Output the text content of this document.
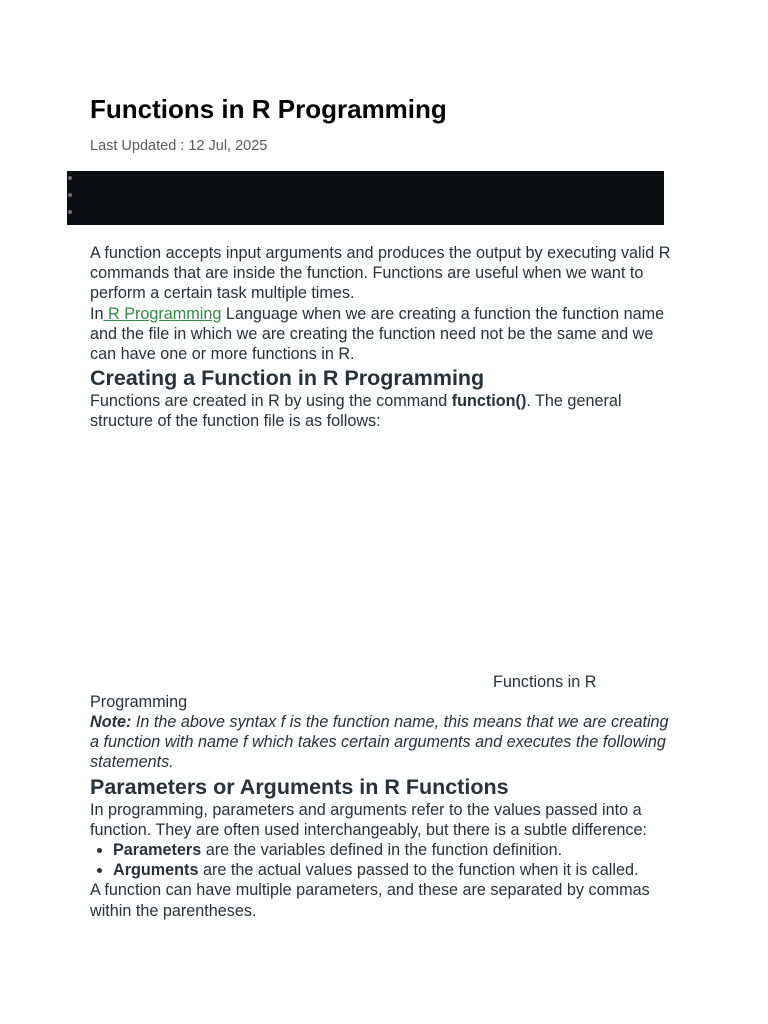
Functions in R Programming
Last Updated : 12 Jul, 2025

A function accepts input arguments and produces the output by executing valid R commands that are inside the function. Functions are useful when we want to perform a certain task multiple times.

In R Programming Language when we are creating a function the function name and the file in which we are creating the function need not be the same and we can have one or more functions in R.

Creating a Function in R Programming

Functions are created in R by using the command function(). The general structure of the function file is as follows:

Functions in R
Programming

Note: In the above syntax f is the function name, this means that we are creating a function with name f which takes certain arguments and executes the following statements.

Parameters or Arguments in R Functions

In programming, parameters and arguments refer to the values passed into a function. They are often used interchangeably, but there is a subtle difference:

• Parameters are the variables defined in the function definition.
• Arguments are the actual values passed to the function when it is called.

A function can have multiple parameters, and these are separated by commas within the parentheses.
